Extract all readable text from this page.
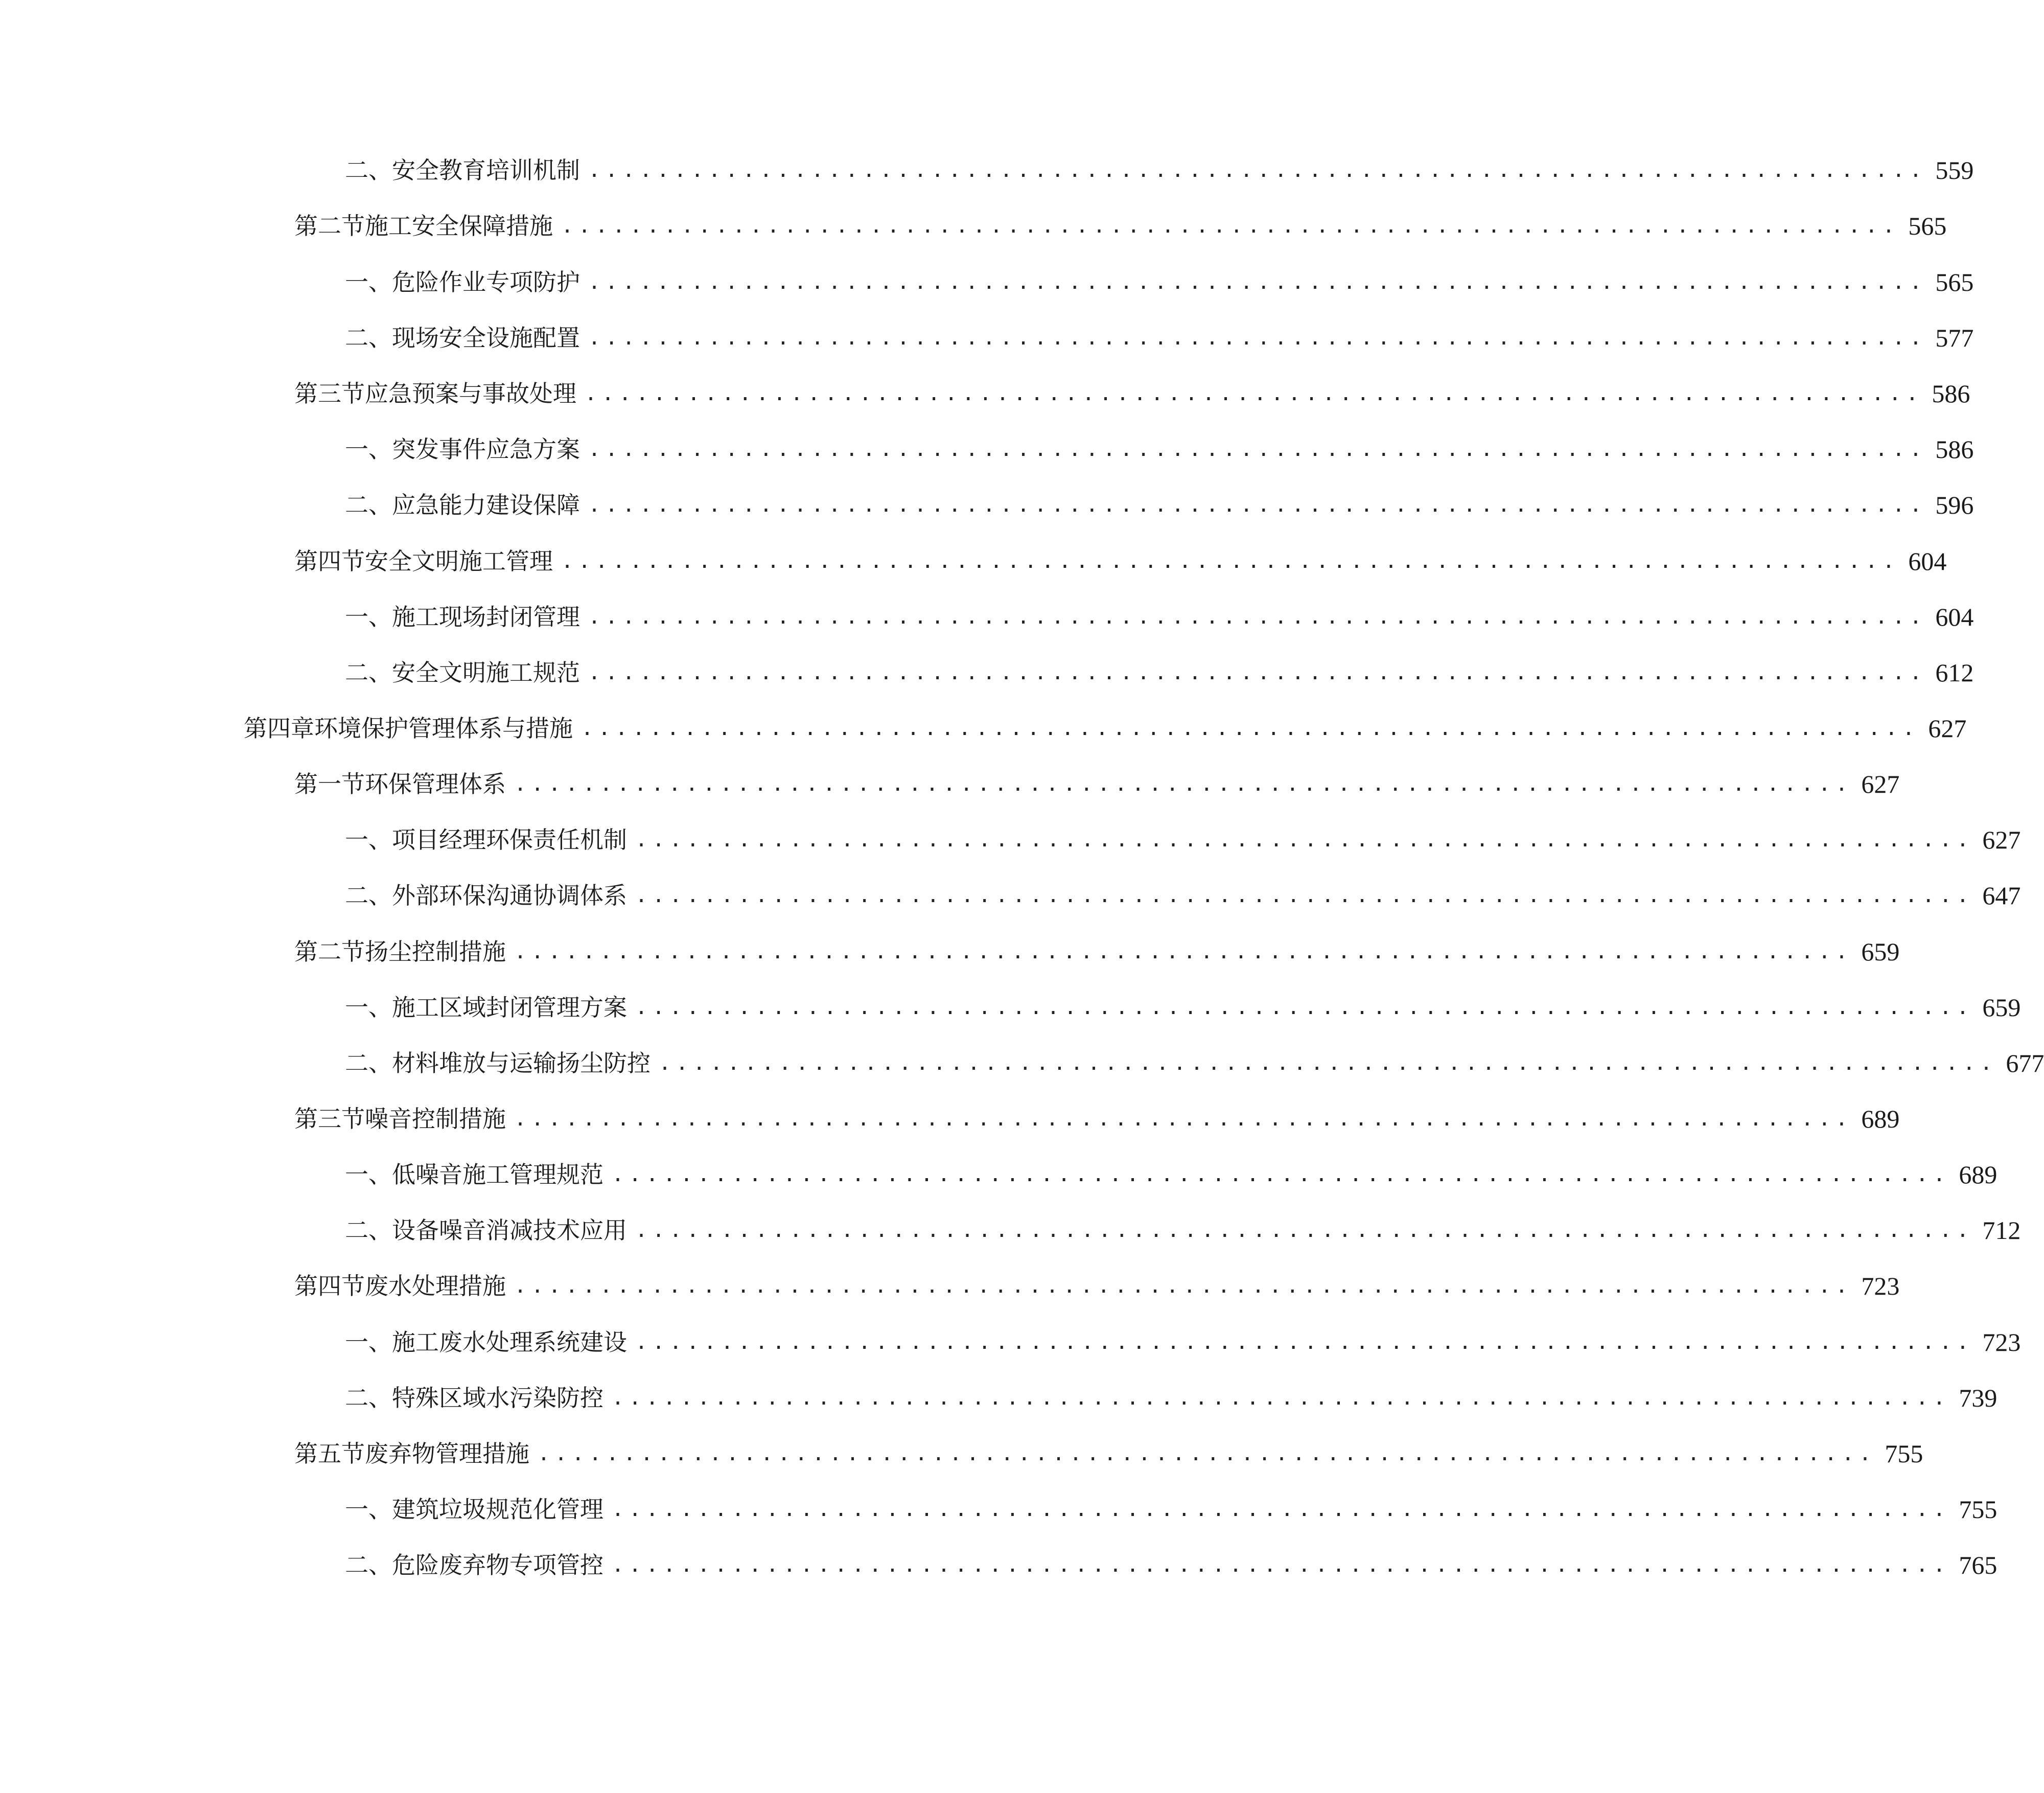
二、 安全教育培训机制 .............................................................................. 559
第二节 施工安全保障措施 .............................................................................. 565
一、 危险作业专项防护 .............................................................................. 565
二、 现场安全设施配置 .............................................................................. 577
第三节 应急预案与事故处理 .............................................................................. 586
一、 突发事件应急方案 .............................................................................. 586
二、 应急能力建设保障 .............................................................................. 596
第四节 安全文明施工管理 .............................................................................. 604
一、 施工现场封闭管理 .............................................................................. 604
二、 安全文明施工规范 .............................................................................. 612
第四章 环境保护管理体系与措施 .............................................................................. 627
第一节 环保管理体系 .............................................................................. 627
一、 项目经理环保责任机制 .............................................................................. 627
二、 外部环保沟通协调体系 .............................................................................. 647
第二节 扬尘控制措施 .............................................................................. 659
一、 施工区域封闭管理方案 .............................................................................. 659
二、 材料堆放与运输扬尘防控 .............................................................................. 677
第三节 噪音控制措施 .............................................................................. 689
一、 低噪音施工管理规范 .............................................................................. 689
二、 设备噪音消减技术应用 .............................................................................. 712
第四节 废水处理措施 .............................................................................. 723
一、 施工废水处理系统建设 .............................................................................. 723
二、 特殊区域水污染防控 .............................................................................. 739
第五节 废弃物管理措施 .............................................................................. 755
一、 建筑垃圾规范化管理 .............................................................................. 755
二、 危险废弃物专项管控 .............................................................................. 765
